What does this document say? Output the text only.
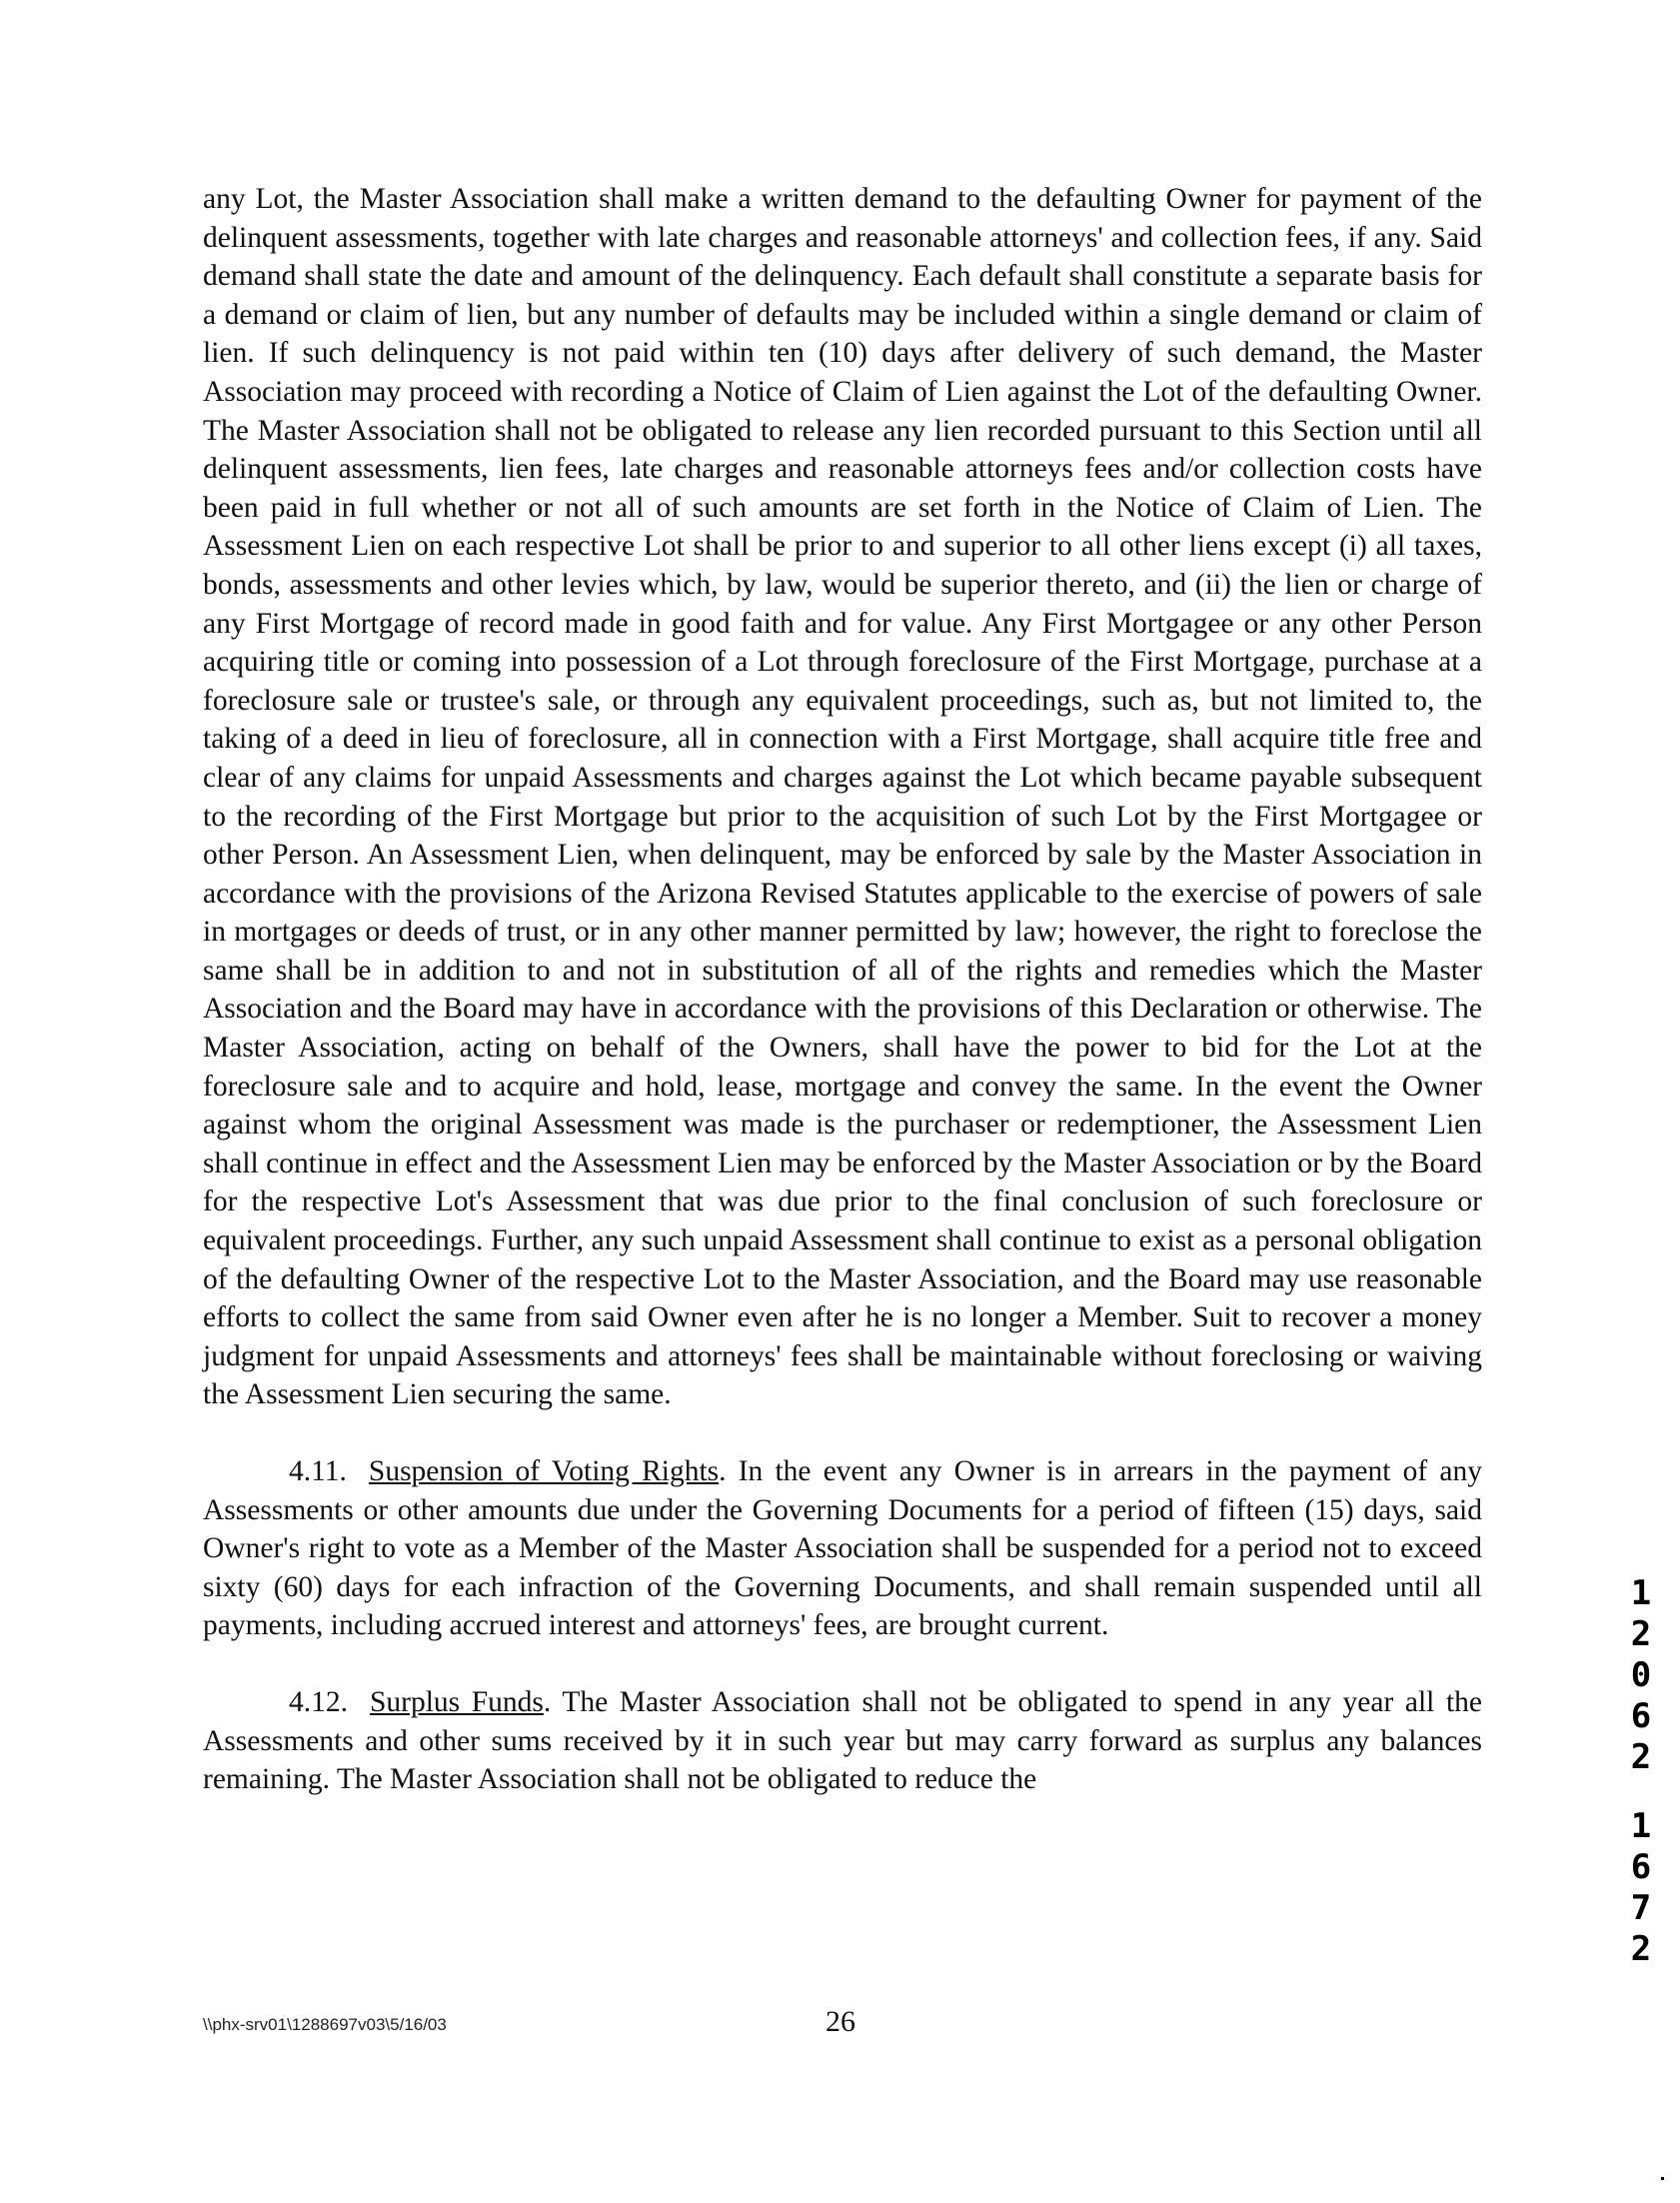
any Lot, the Master Association shall make a written demand to the defaulting Owner for payment of the delinquent assessments, together with late charges and reasonable attorneys' and collection fees, if any. Said demand shall state the date and amount of the delinquency. Each default shall constitute a separate basis for a demand or claim of lien, but any number of defaults may be included within a single demand or claim of lien. If such delinquency is not paid within ten (10) days after delivery of such demand, the Master Association may proceed with recording a Notice of Claim of Lien against the Lot of the defaulting Owner. The Master Association shall not be obligated to release any lien recorded pursuant to this Section until all delinquent assessments, lien fees, late charges and reasonable attorneys fees and/or collection costs have been paid in full whether or not all of such amounts are set forth in the Notice of Claim of Lien. The Assessment Lien on each respective Lot shall be prior to and superior to all other liens except (i) all taxes, bonds, assessments and other levies which, by law, would be superior thereto, and (ii) the lien or charge of any First Mortgage of record made in good faith and for value. Any First Mortgagee or any other Person acquiring title or coming into possession of a Lot through foreclosure of the First Mortgage, purchase at a foreclosure sale or trustee's sale, or through any equivalent proceedings, such as, but not limited to, the taking of a deed in lieu of foreclosure, all in connection with a First Mortgage, shall acquire title free and clear of any claims for unpaid Assessments and charges against the Lot which became payable subsequent to the recording of the First Mortgage but prior to the acquisition of such Lot by the First Mortgagee or other Person. An Assessment Lien, when delinquent, may be enforced by sale by the Master Association in accordance with the provisions of the Arizona Revised Statutes applicable to the exercise of powers of sale in mortgages or deeds of trust, or in any other manner permitted by law; however, the right to foreclose the same shall be in addition to and not in substitution of all of the rights and remedies which the Master Association and the Board may have in accordance with the provisions of this Declaration or otherwise. The Master Association, acting on behalf of the Owners, shall have the power to bid for the Lot at the foreclosure sale and to acquire and hold, lease, mortgage and convey the same. In the event the Owner against whom the original Assessment was made is the purchaser or redemptioner, the Assessment Lien shall continue in effect and the Assessment Lien may be enforced by the Master Association or by the Board for the respective Lot's Assessment that was due prior to the final conclusion of such foreclosure or equivalent proceedings. Further, any such unpaid Assessment shall continue to exist as a personal obligation of the defaulting Owner of the respective Lot to the Master Association, and the Board may use reasonable efforts to collect the same from said Owner even after he is no longer a Member. Suit to recover a money judgment for unpaid Assessments and attorneys' fees shall be maintainable without foreclosing or waiving the Assessment Lien securing the same.

4.11. Suspension of Voting Rights. In the event any Owner is in arrears in the payment of any Assessments or other amounts due under the Governing Documents for a period of fifteen (15) days, said Owner's right to vote as a Member of the Master Association shall be suspended for a period not to exceed sixty (60) days for each infraction of the Governing Documents, and shall remain suspended until all payments, including accrued interest and attorneys' fees, are brought current.

4.12. Surplus Funds. The Master Association shall not be obligated to spend in any year all the Assessments and other sums received by it in such year but may carry forward as surplus any balances remaining. The Master Association shall not be obligated to reduce the

\\phx-srv01\1288697v03\5/16/03	26
1
2
0
6
2
1
6
7
2
